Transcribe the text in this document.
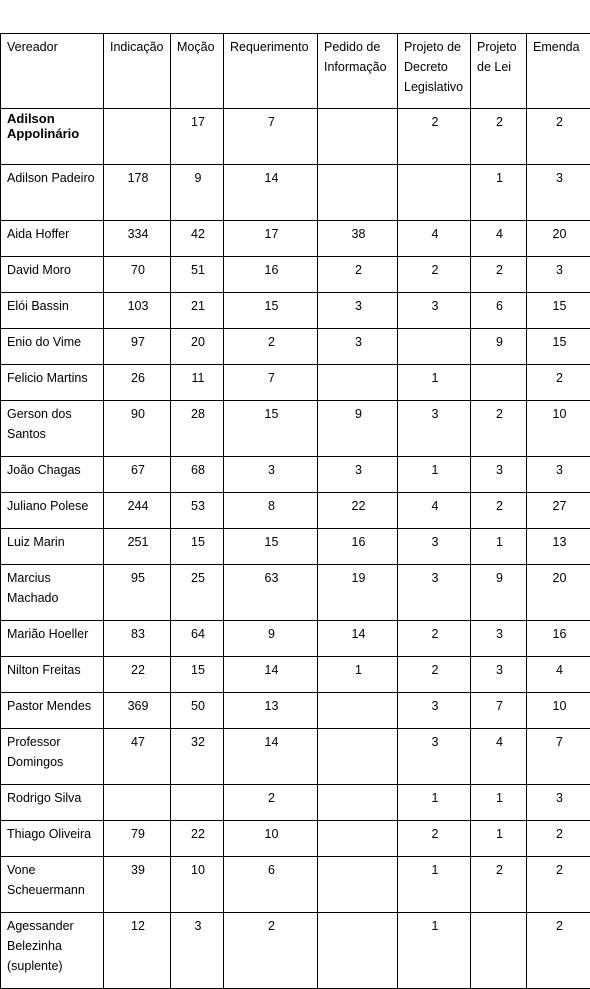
Vereador	Indicação	Moção	Requerimento	Pedido de Informação	Projeto de Decreto Legislativo	Projeto de Lei	Emenda
Adilson Appolinário		17	7		2	2	2
Adilson Padeiro	178	9	14			1	3
Aida Hoffer	334	42	17	38	4	4	20
David Moro	70	51	16	2	2	2	3
Elói Bassin	103	21	15	3	3	6	15
Enio do Vime	97	20	2	3		9	15
Felicio Martins	26	11	7		1		2
Gerson dos Santos	90	28	15	9	3	2	10
João Chagas	67	68	3	3	1	3	3
Juliano Polese	244	53	8	22	4	2	27
Luiz Marin	251	15	15	16	3	1	13
Marcius Machado	95	25	63	19	3	9	20
Marião Hoeller	83	64	9	14	2	3	16
Nilton Freitas	22	15	14	1	2	3	4
Pastor Mendes	369	50	13		3	7	10
Professor Domingos	47	32	14		3	4	7
Rodrigo Silva			2		1	1	3
Thiago Oliveira	79	22	10		2	1	2
Vone Scheuermann	39	10	6		1	2	2
Agessander Belezinha (suplente)	12	3	2		1		2
